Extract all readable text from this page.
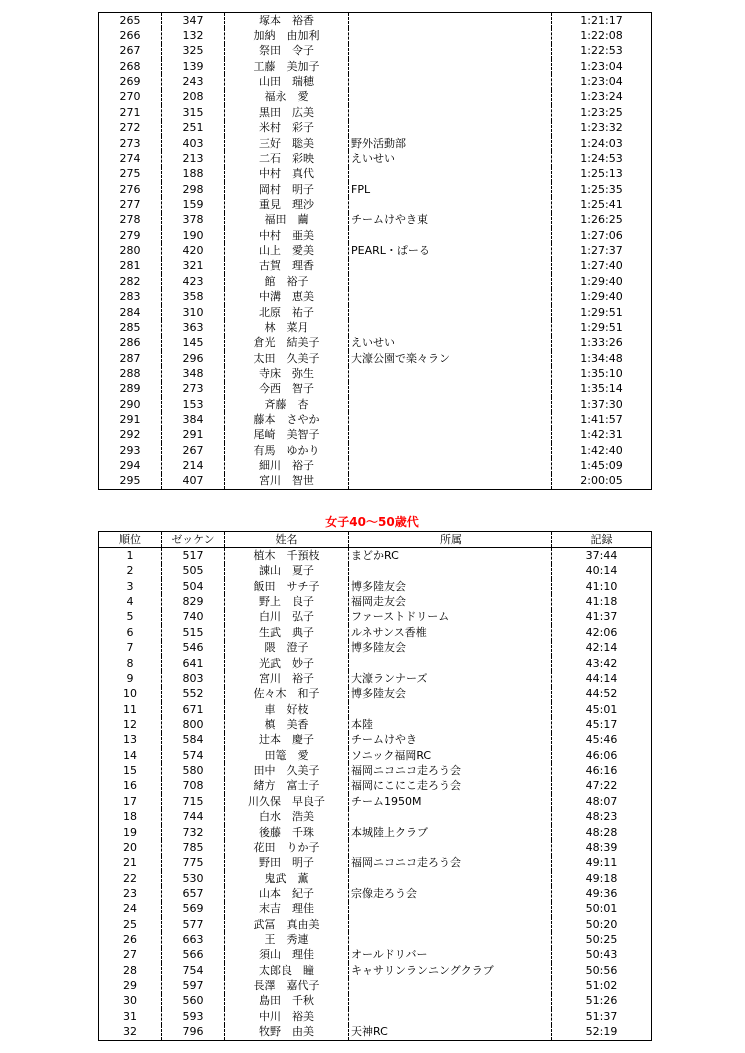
265	347	塚本　裕香		1:21:17
266	132	加納　由加利		1:22:08
267	325	祭田　令子		1:22:53
268	139	工藤　美加子		1:23:04
269	243	山田　瑞穂		1:23:04
270	208	福永　愛		1:23:24
271	315	黒田　広美		1:23:25
272	251	米村　彩子		1:23:32
273	403	三好　聡美	野外活動部	1:24:03
274	213	二石　彩映	えいせい	1:24:53
275	188	中村　真代		1:25:13
276	298	岡村　明子	FPL	1:25:35
277	159	重見　理沙		1:25:41
278	378	福田　繭	チームけやき東	1:26:25
279	190	中村　亜美		1:27:06
280	420	山上　愛美	PEARL・ぱーる	1:27:37
281	321	古賀　理香		1:27:40
282	423	館　裕子		1:29:40
283	358	中溝　恵美		1:29:40
284	310	北原　祐子		1:29:51
285	363	林　菜月		1:29:51
286	145	倉光　結美子	えいせい	1:33:26
287	296	太田　久美子	大濠公園で楽々ラン	1:34:48
288	348	寺床　弥生		1:35:10
289	273	今西　智子		1:35:14
290	153	斉藤　杏		1:37:30
291	384	藤本　さやか		1:41:57
292	291	尾崎　美智子		1:42:31
293	267	有馬　ゆかり		1:42:40
294	214	細川　裕子		1:45:09
295	407	宮川　智世		2:00:05
女子40～50歳代
順位	ゼッケン	姓名	所属	記録
1	517	植木　千預枝	まどかRC	37:44
2	505	諌山　夏子		40:14
3	504	飯田　サチ子	博多陸友会	41:10
4	829	野上　良子	福岡走友会	41:18
5	740	白川　弘子	ファーストドリーム	41:37
6	515	生武　典子	ルネサンス香椎	42:06
7	546	隈　澄子	博多陸友会	42:14
8	641	光武　妙子		43:42
9	803	宮川　裕子	大濠ランナーズ	44:14
10	552	佐々木　和子	博多陸友会	44:52
11	671	車　好枝		45:01
12	800	槙　美香	本陸	45:17
13	584	辻本　慶子	チームけやき	45:46
14	574	田篭　愛	ソニック福岡RC	46:06
15	580	田中　久美子	福岡ニコニコ走ろう会	46:16
16	708	緒方　富士子	福岡にこにこ走ろう会	47:22
17	715	川久保　早良子	チーム1950M	48:07
18	744	白水　浩美		48:23
19	732	後藤　千珠	本城陸上クラブ	48:28
20	785	花田　りか子		48:39
21	775	野田　明子	福岡ニコニコ走ろう会	49:11
22	530	鬼武　薫		49:18
23	657	山本　紀子	宗像走ろう会	49:36
24	569	末吉　理佳		50:01
25	577	武冨　真由美		50:20
26	663	王　秀連		50:25
27	566	須山　理佳	オールドリバー	50:43
28	754	太郎良　瞳	キャサリンランニングクラブ	50:56
29	597	長澤　嘉代子		51:02
30	560	島田　千秋		51:26
31	593	中川　裕美		51:37
32	796	牧野　由美	天神RC	52:19
